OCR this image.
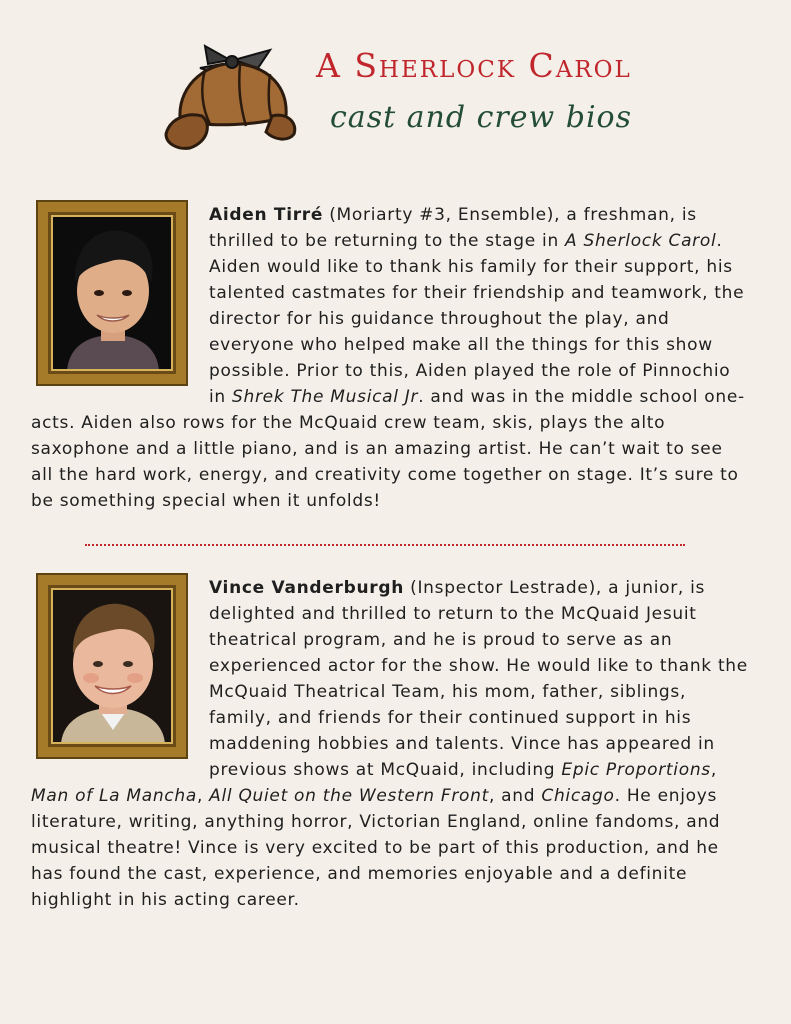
A Sherlock Carol
cast and crew bios

Aiden Tirré (Moriarty #3, Ensemble), a freshman, is thrilled to be returning to the stage in A Sherlock Carol. Aiden would like to thank his family for their support, his talented castmates for their friendship and teamwork, the director for his guidance throughout the play, and everyone who helped make all the things for this show possible. Prior to this, Aiden played the role of Pinnochio in Shrek The Musical Jr. and was in the middle school one-acts. Aiden also rows for the McQuaid crew team, skis, plays the alto saxophone and a little piano, and is an amazing artist. He can’t wait to see all the hard work, energy, and creativity come together on stage. It’s sure to be something special when it unfolds!

Vince Vanderburgh (Inspector Lestrade), a junior, is delighted and thrilled to return to the McQuaid Jesuit theatrical program, and he is proud to serve as an experienced actor for the show. He would like to thank the McQuaid Theatrical Team, his mom, father, siblings, family, and friends for their continued support in his maddening hobbies and talents. Vince has appeared in previous shows at McQuaid, including Epic Proportions, Man of La Mancha, All Quiet on the Western Front, and Chicago. He enjoys literature, writing, anything horror, Victorian England, online fandoms, and musical theatre! Vince is very excited to be part of this production, and he has found the cast, experience, and memories enjoyable and a definite highlight in his acting career.
